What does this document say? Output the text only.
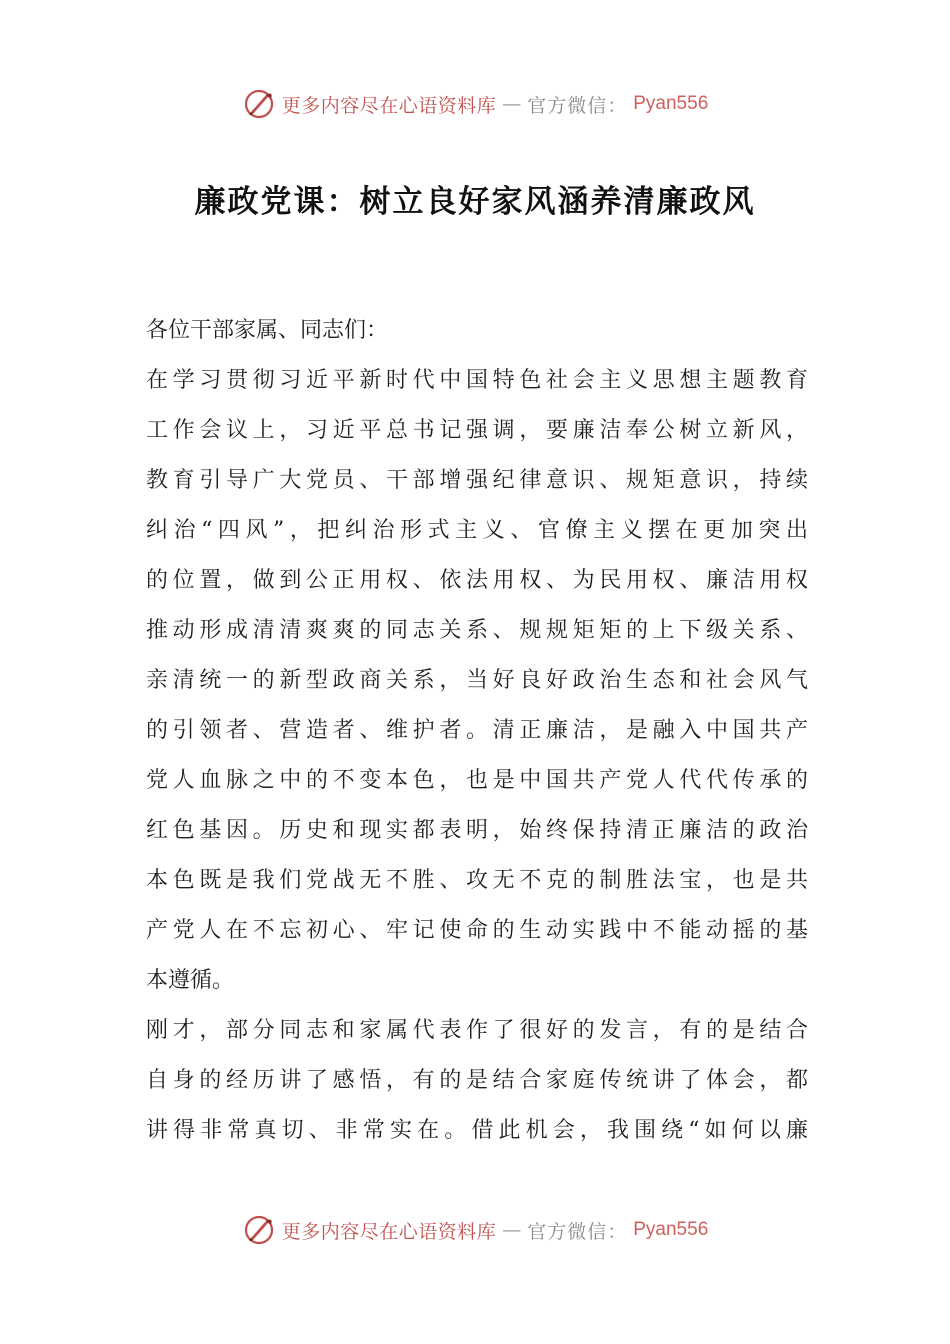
更多内容尽在心语资料库 — 官方微信： Pyan556
廉政党课：树立良好家风涵养清廉政风
各位干部家属、同志们：
在学习贯彻习近平新时代中国特色社会主义思想主题教育
工作会议上，习近平总书记强调，要廉洁奉公树立新风，
教育引导广大党员、干部增强纪律意识、规矩意识，持续
纠治“四风”，把纠治形式主义、官僚主义摆在更加突出
的位置，做到公正用权、依法用权、为民用权、廉洁用权
推动形成清清爽爽的同志关系、规规矩矩的上下级关系、
亲清统一的新型政商关系，当好良好政治生态和社会风气
的引领者、营造者、维护者。清正廉洁，是融入中国共产
党人血脉之中的不变本色，也是中国共产党人代代传承的
红色基因。历史和现实都表明，始终保持清正廉洁的政治
本色既是我们党战无不胜、攻无不克的制胜法宝，也是共
产党人在不忘初心、牢记使命的生动实践中不能动摇的基
本遵循。
刚才，部分同志和家属代表作了很好的发言，有的是结合
自身的经历讲了感悟，有的是结合家庭传统讲了体会，都
讲得非常真切、非常实在。借此机会，我围绕“如何以廉
更多内容尽在心语资料库 — 官方微信： Pyan556
